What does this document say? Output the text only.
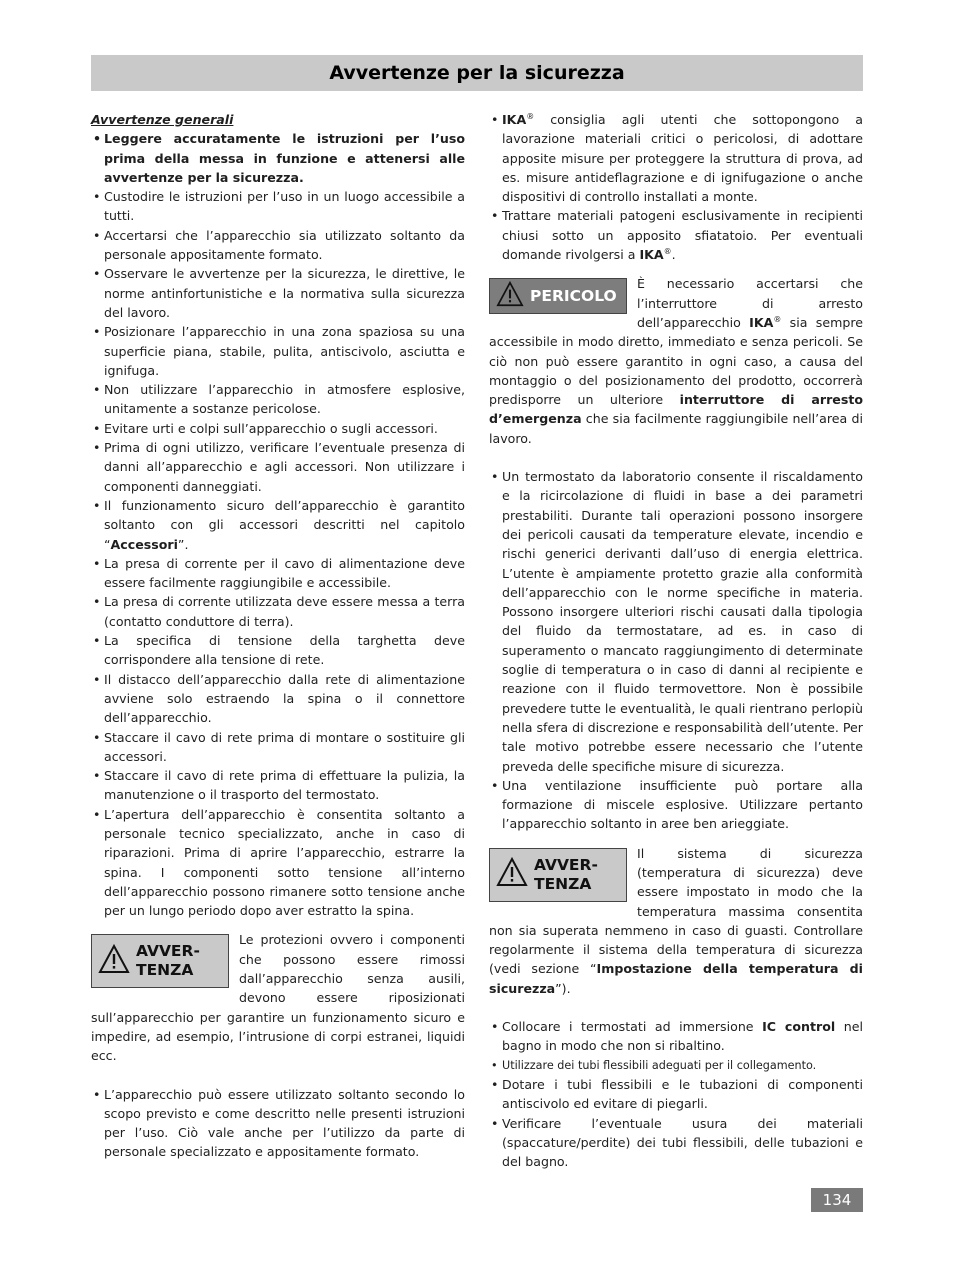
Avvertenze per la sicurezza
Avvertenze generali
• Leggere accuratamente le istruzioni per l’uso prima della messa in funzione e attenersi alle avvertenze per la sicurezza.
• Custodire le istruzioni per l’uso in un luogo accessibile a tutti.
• Accertarsi che l’apparecchio sia utilizzato soltanto da personale appositamente formato.
• Osservare le avvertenze per la sicurezza, le direttive, le norme antinfortunistiche e la normativa sulla sicurezza del lavoro.
• Posizionare l’apparecchio in una zona spaziosa su una superficie piana, stabile, pulita, antiscivolo, asciutta e ignifuga.
• Non utilizzare l’apparecchio in atmosfere esplosive, unitamente a sostanze pericolose.
• Evitare urti e colpi sull’apparecchio o sugli accessori.
• Prima di ogni utilizzo, verificare l’eventuale presenza di danni all’apparecchio e agli accessori. Non utilizzare i componenti danneggiati.
• Il funzionamento sicuro dell’apparecchio è garantito soltanto con gli accessori descritti nel capitolo “Accessori”.
• La presa di corrente per il cavo di alimentazione deve essere facilmente raggiungibile e accessibile.
• La presa di corrente utilizzata deve essere messa a terra (contatto conduttore di terra).
• La specifica di tensione della targhetta deve corrispondere alla tensione di rete.
• Il distacco dell’apparecchio dalla rete di alimentazione avviene solo estraendo la spina o il connettore dell’apparecchio.
• Staccare il cavo di rete prima di montare o sostituire gli accessori.
• Staccare il cavo di rete prima di effettuare la pulizia, la manutenzione o il trasporto del termostato.
• L’apertura dell’apparecchio è consentita soltanto a personale tecnico specializzato, anche in caso di riparazioni. Prima di aprire l’apparecchio, estrarre la spina. I componenti sotto tensione all’interno dell’apparecchio possono rimanere sotto tensione anche per un lungo periodo dopo aver estratto la spina.
AVVER-TENZA
Le protezioni ovvero i componenti che possono essere rimossi dall’apparecchio senza ausili, devono essere riposizionati sull’apparecchio per garantire un funzionamento sicuro e impedire, ad esempio, l’intrusione di corpi estranei, liquidi ecc.
• L’apparecchio può essere utilizzato soltanto secondo lo scopo previsto e come descritto nelle presenti istruzioni per l’uso. Ciò vale anche per l’utilizzo da parte di personale specializzato e appositamente formato.
• IKA® consiglia agli utenti che sottopongono a lavorazione materiali critici o pericolosi, di adottare apposite misure per proteggere la struttura di prova, ad es. misure antideflagrazione e di ignifugazione o anche dispositivi di controllo installati a monte.
• Trattare materiali patogeni esclusivamente in recipienti chiusi sotto un apposito sfiatatoio. Per eventuali domande rivolgersi a IKA®.
PERICOLO
È necessario accertarsi che l’interruttore di arresto dell’apparecchio IKA® sia sempre accessibile in modo diretto, immediato e senza pericoli. Se ciò non può essere garantito in ogni caso, a causa del montaggio o del posizionamento del prodotto, occorrerà predisporre un ulteriore interruttore di arresto d’emergenza che sia facilmente raggiungibile nell’area di lavoro.
• Un termostato da laboratorio consente il riscaldamento e la ricircolazione di fluidi in base a dei parametri prestabiliti. Durante tali operazioni possono insorgere dei pericoli causati da temperature elevate, incendio e rischi generici derivanti dall’uso di energia elettrica. L’utente è ampiamente protetto grazie alla conformità dell’apparecchio con le norme specifiche in materia. Possono insorgere ulteriori rischi causati dalla tipologia del fluido da termostatare, ad es. in caso di superamento o mancato raggiungimento di determinate soglie di temperatura o in caso di danni al recipiente e reazione con il fluido termovettore. Non è possibile prevedere tutte le eventualità, le quali rientrano perlopiù nella sfera di discrezione e responsabilità dell’utente. Per tale motivo potrebbe essere necessario che l’utente preveda delle specifiche misure di sicurezza.
• Una ventilazione insufficiente può portare alla formazione di miscele esplosive. Utilizzare pertanto l’apparecchio soltanto in aree ben arieggiate.
AVVER-TENZA
Il sistema di sicurezza (temperatura di sicurezza) deve essere impostato in modo che la temperatura massima consentita non sia superata nemmeno in caso di guasti. Controllare regolarmente il sistema della temperatura di sicurezza (vedi sezione “Impostazione della temperatura di sicurezza”).
• Collocare i termostati ad immersione IC control nel bagno in modo che non si ribaltino.
• Utilizzare dei tubi flessibili adeguati per il collegamento.
• Dotare i tubi flessibili e le tubazioni di componenti antiscivolo ed evitare di piegarli.
• Verificare l’eventuale usura dei materiali (spaccature/perdite) dei tubi flessibili, delle tubazioni e del bagno.
134
